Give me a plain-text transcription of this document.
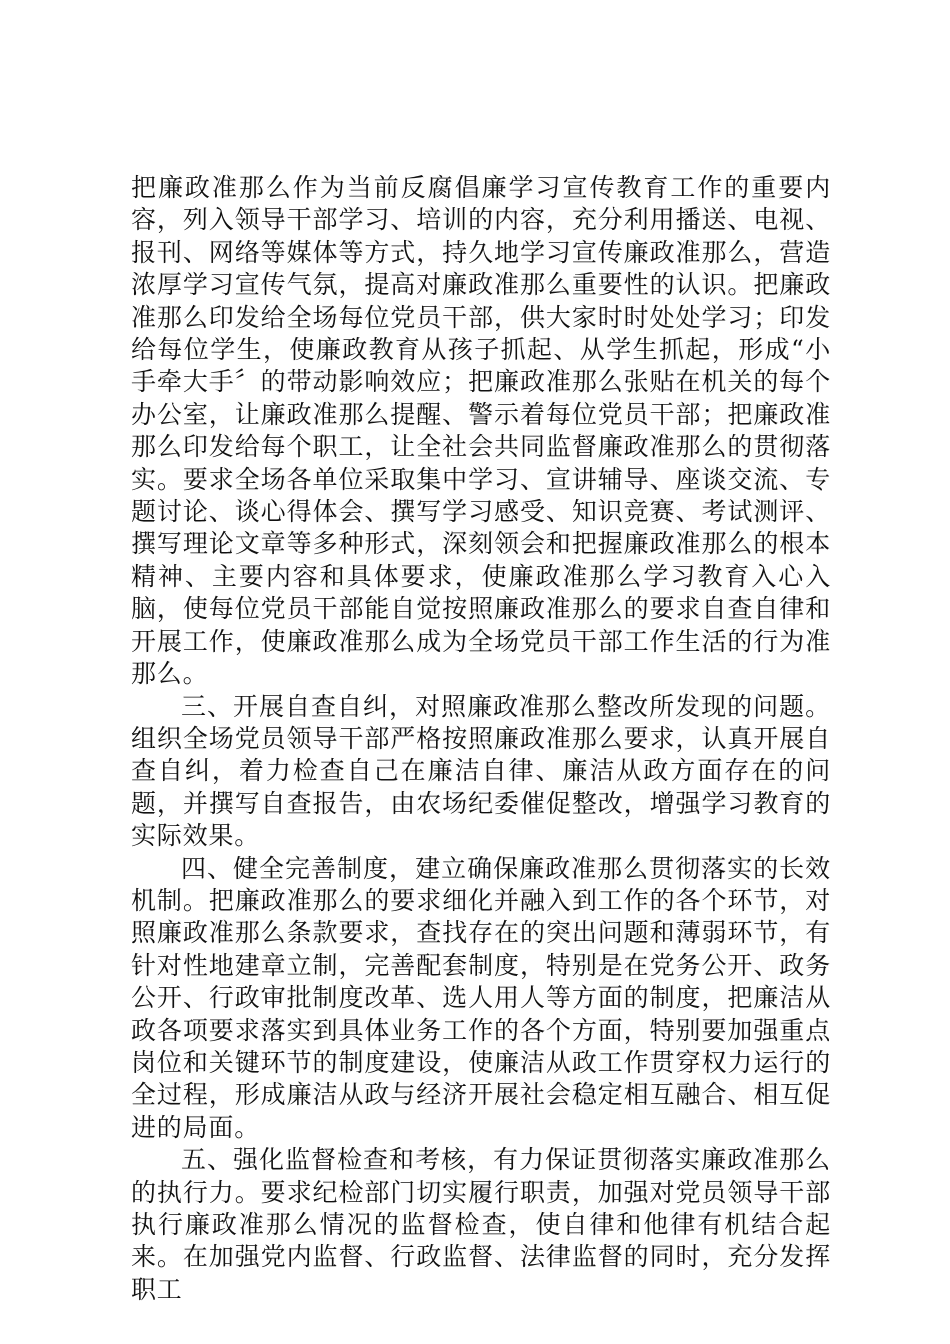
把廉政准那么作为当前反腐倡廉学习宣传教育工作的重要内容，列入领导干部学习、培训的内容，充分利用播送、电视、报刊、网络等媒体等方式，持久地学习宣传廉政准那么，营造浓厚学习宣传气氛，提高对廉政准那么重要性的认识。把廉政准那么印发给全场每位党员干部，供大家时时处处学习；印发给每位学生，使廉政教育从孩子抓起、从学生抓起，形成“小手牵大手〞的带动影响效应；把廉政准那么张贴在机关的每个办公室，让廉政准那么提醒、警示着每位党员干部；把廉政准那么印发给每个职工，让全社会共同监督廉政准那么的贯彻落实。要求全场各单位采取集中学习、宣讲辅导、座谈交流、专题讨论、谈心得体会、撰写学习感受、知识竞赛、考试测评、撰写理论文章等多种形式，深刻领会和把握廉政准那么的根本精神、主要内容和具体要求，使廉政准那么学习教育入心入脑，使每位党员干部能自觉按照廉政准那么的要求自查自律和开展工作，使廉政准那么成为全场党员干部工作生活的行为准那么。

三、开展自查自纠，对照廉政准那么整改所发现的问题。组织全场党员领导干部严格按照廉政准那么要求，认真开展自查自纠，着力检查自己在廉洁自律、廉洁从政方面存在的问题，并撰写自查报告，由农场纪委催促整改，增强学习教育的实际效果。

四、健全完善制度，建立确保廉政准那么贯彻落实的长效机制。把廉政准那么的要求细化并融入到工作的各个环节，对照廉政准那么条款要求，查找存在的突出问题和薄弱环节，有针对性地建章立制，完善配套制度，特别是在党务公开、政务公开、行政审批制度改革、选人用人等方面的制度，把廉洁从政各项要求落实到具体业务工作的各个方面，特别要加强重点岗位和关键环节的制度建设，使廉洁从政工作贯穿权力运行的全过程，形成廉洁从政与经济开展社会稳定相互融合、相互促进的局面。

五、强化监督检查和考核，有力保证贯彻落实廉政准那么的执行力。要求纪检部门切实履行职责，加强对党员领导干部执行廉政准那么情况的监督检查，使自律和他律有机结合起来。在加强党内监督、行政监督、法律监督的同时，充分发挥职工
